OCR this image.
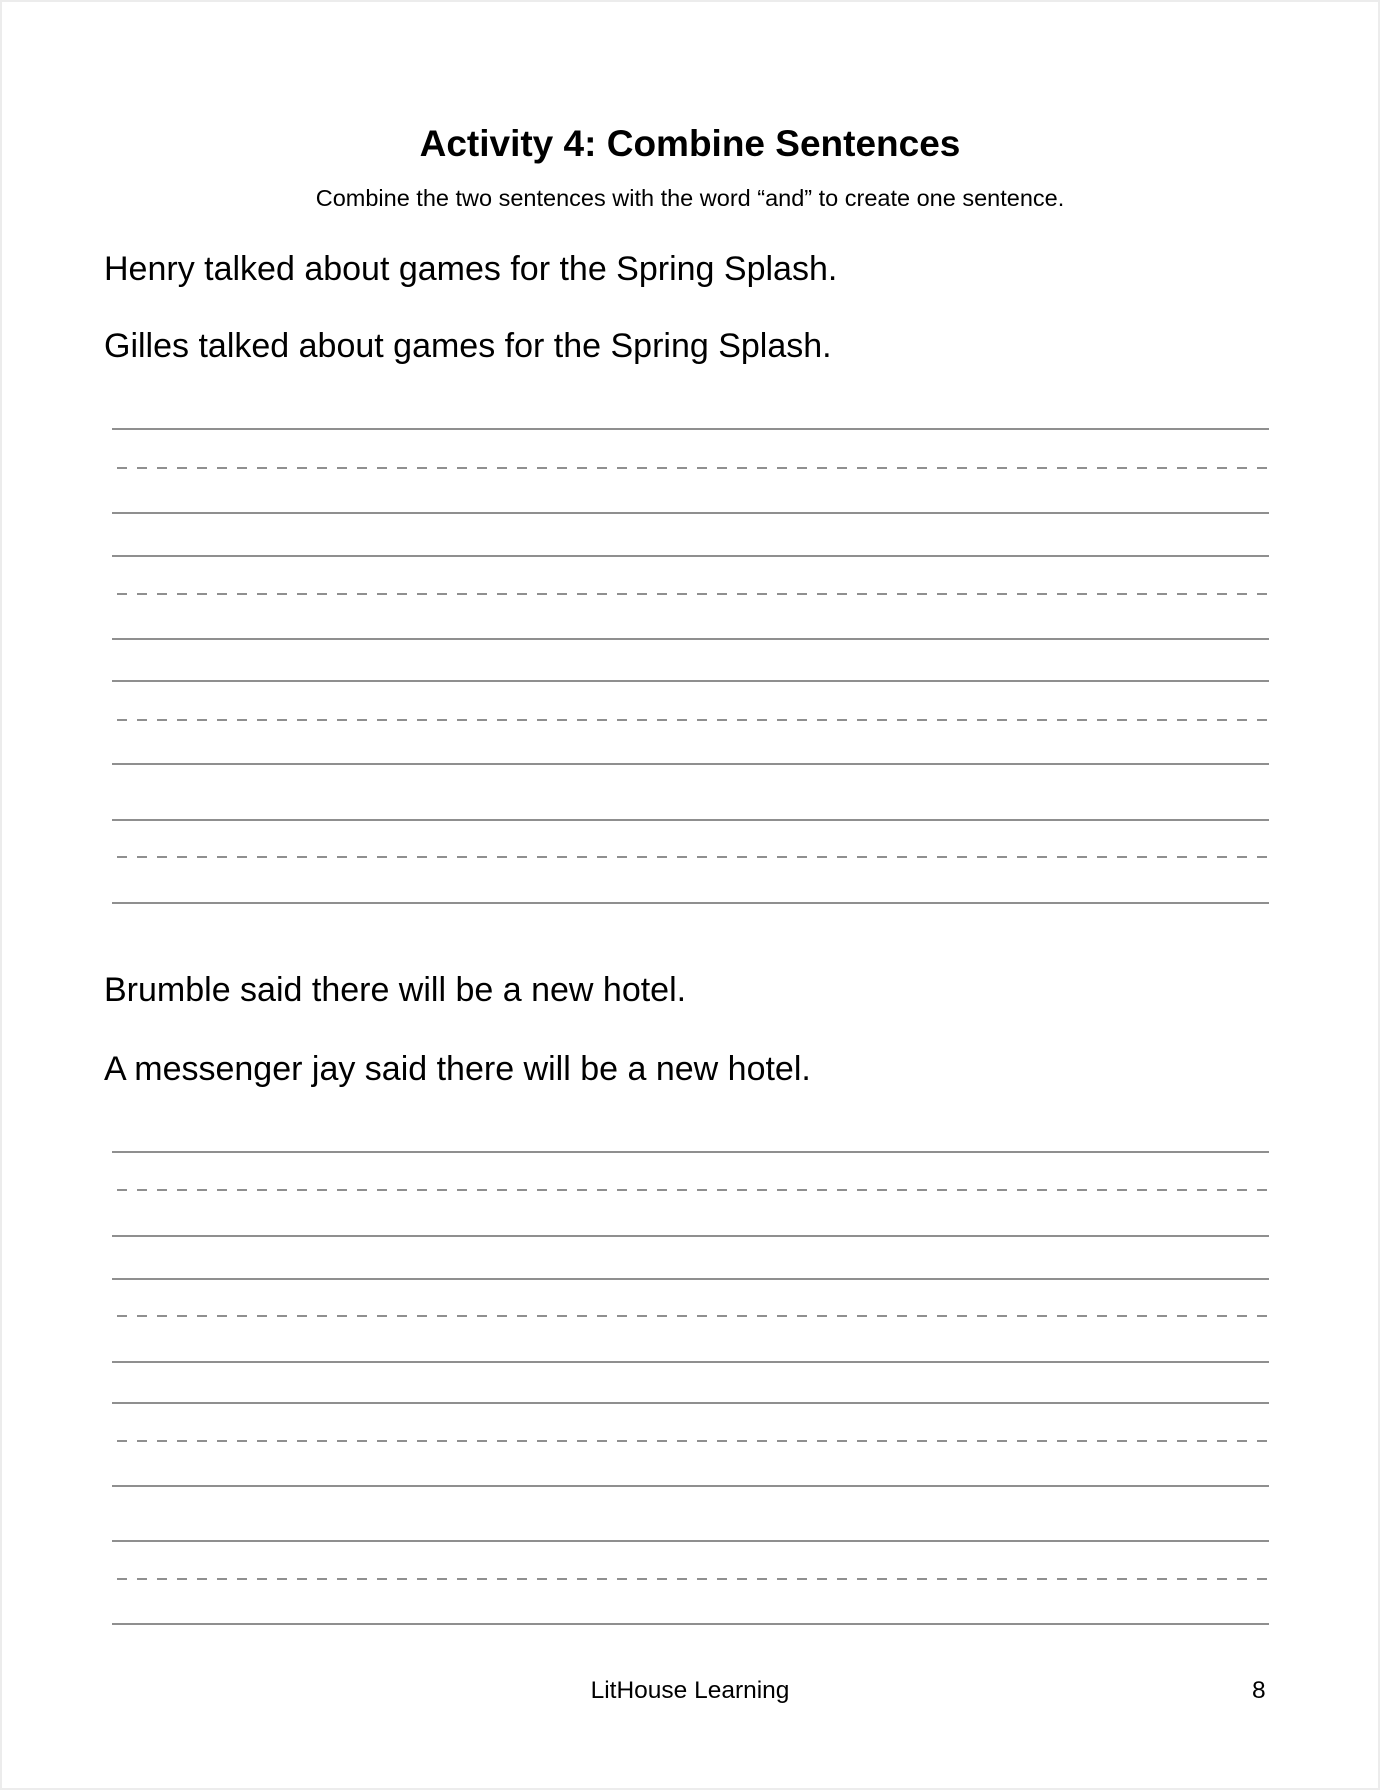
Activity 4: Combine Sentences
Combine the two sentences with the word “and” to create one sentence.
Henry talked about games for the Spring Splash.
Gilles talked about games for the Spring Splash.
Brumble said there will be a new hotel.
A messenger jay said there will be a new hotel.
LitHouse Learning	8
